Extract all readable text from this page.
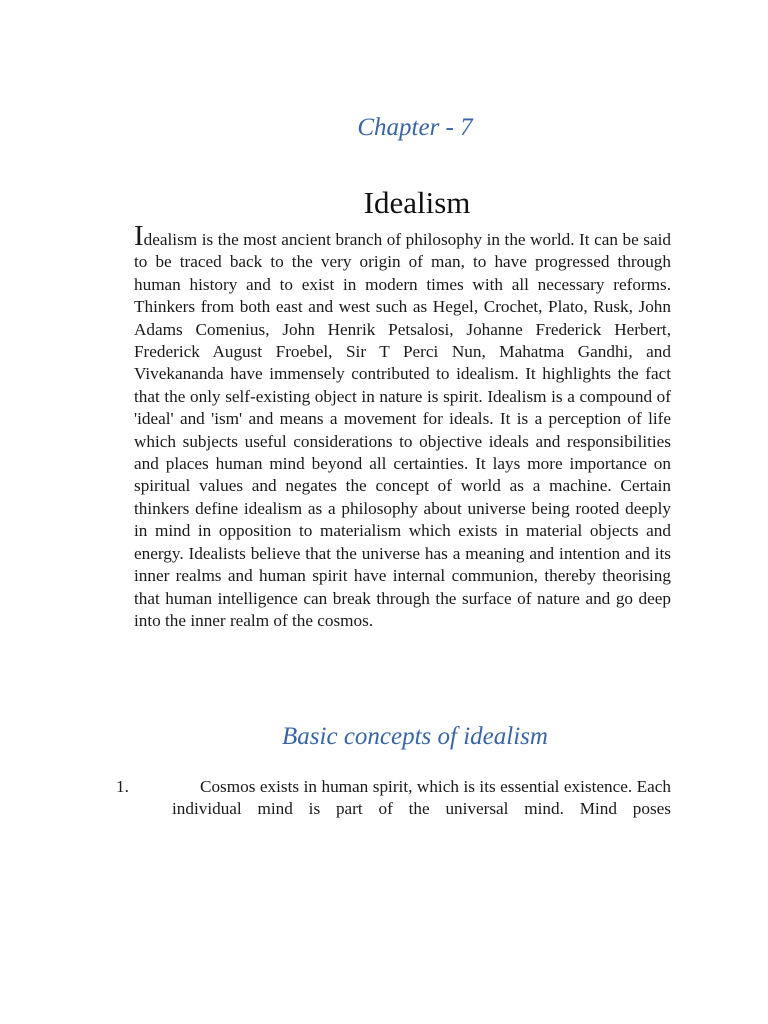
Chapter - 7
Idealism

Idealism is the most ancient branch of philosophy in the world. It can be said to be traced back to the very origin of man, to have progressed through human history and to exist in modern times with all necessary reforms. Thinkers from both east and west such as Hegel, Crochet, Plato, Rusk, John Adams Comenius, John Henrik Petsalosi, Johanne Frederick Herbert, Frederick August Froebel, Sir T Perci Nun, Mahatma Gandhi, and Vivekananda have immensely contributed to idealism. It highlights the fact that the only self-existing object in nature is spirit. Idealism is a compound of 'ideal' and 'ism' and means a movement for ideals. It is a perception of life which subjects useful considerations to objective ideals and responsibilities and places human mind beyond all certainties. It lays more importance on spiritual values and negates the concept of world as a machine. Certain thinkers define idealism as a philosophy about universe being rooted deeply in mind in opposition to materialism which exists in material objects and energy. Idealists believe that the universe has a meaning and intention and its inner realms and human spirit have internal communion, thereby theorising that human intelligence can break through the surface of nature and go deep into the inner realm of the cosmos.

Basic concepts of idealism
1.	Cosmos exists in human spirit, which is its essential existence. Each individual mind is part of the universal mind. Mind poses
